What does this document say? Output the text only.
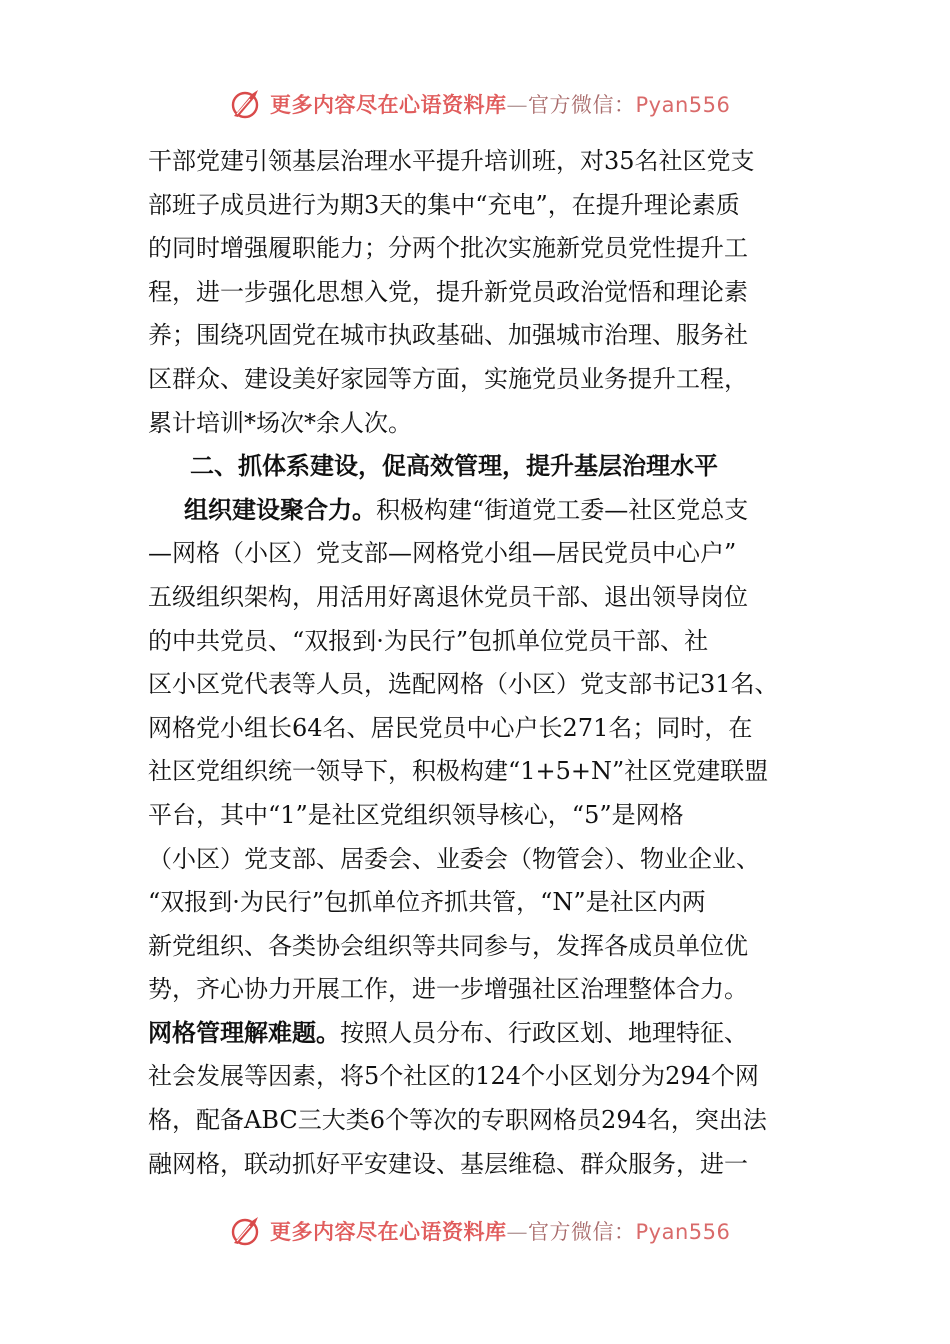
更多内容尽在心语资料库—官方微信：Pyan556
干部党建引领基层治理水平提升培训班，对35名社区党支
部班子成员进行为期3天的集中“充电”，在提升理论素质
的同时增强履职能力；分两个批次实施新党员党性提升工
程，进一步强化思想入党，提升新党员政治觉悟和理论素
养；围绕巩固党在城市执政基础、加强城市治理、服务社
区群众、建设美好家园等方面，实施党员业务提升工程，
累计培训*场次*余人次。
二、抓体系建设，促高效管理，提升基层治理水平
组织建设聚合力。积极构建“街道党工委—社区党总支
—网格（小区）党支部—网格党小组—居民党员中心户”
五级组织架构，用活用好离退休党员干部、退出领导岗位
的中共党员、“双报到·为民行”包抓单位党员干部、社
区小区党代表等人员，选配网格（小区）党支部书记31名、
网格党小组长64名、居民党员中心户长271名；同时，在
社区党组织统一领导下，积极构建“1+5+N”社区党建联盟
平台，其中“1”是社区党组织领导核心，“5”是网格
（小区）党支部、居委会、业委会（物管会）、物业企业、
“双报到·为民行”包抓单位齐抓共管，“N”是社区内两
新党组织、各类协会组织等共同参与，发挥各成员单位优
势，齐心协力开展工作，进一步增强社区治理整体合力。
网格管理解难题。按照人员分布、行政区划、地理特征、
社会发展等因素，将5个社区的124个小区划分为294个网
格，配备ABC三大类6个等次的专职网格员294名，突出法
融网格，联动抓好平安建设、基层维稳、群众服务，进一
更多内容尽在心语资料库—官方微信：Pyan556
